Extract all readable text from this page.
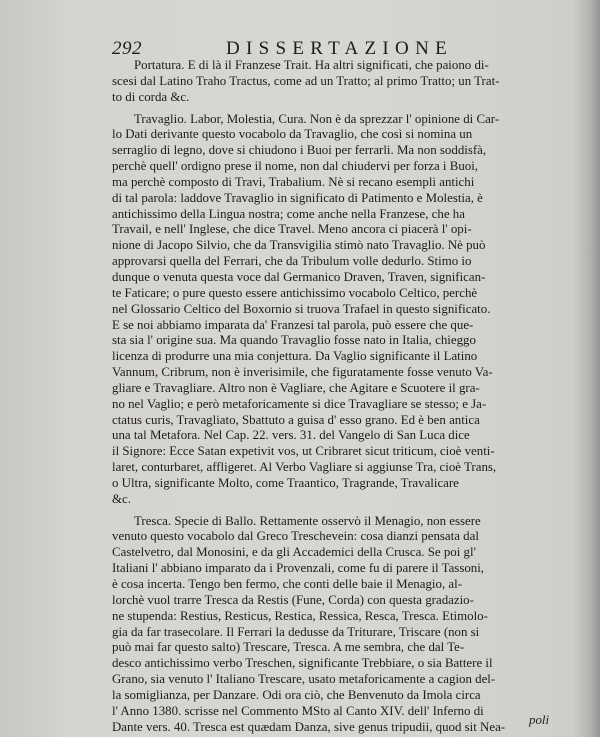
292	DISSERTAZIONE
Portatura. E di là il Franzese Trait. Ha altri significati, che paiono di-
scesi dal Latino Traho Tractus, come ad un Tratto; al primo Tratto; un Trat-
to di corda &c.
Travaglio. Labor, Molestia, Cura. Non è da sprezzar l' opinione di Car-
lo Dati derivante questo vocabolo da Travaglio, che così si nomina un
serraglio di legno, dove si chiudono i Buoi per ferrarli. Ma non soddisfà,
perchè quell' ordigno prese il nome, non dal chiudervi per forza i Buoi,
ma perchè composto di Travi, Trabalium. Nè si recano esempli antichi
di tal parola: laddove Travaglio in significato di Patimento e Molestia, è
antichissimo della Lingua nostra; come anche nella Franzese, che ha
Travail, e nell' Inglese, che dice Travel. Meno ancora ci piacerà l' opi-
nione di Jacopo Silvio, che da Transvigilia stimò nato Travaglio. Nè può
approvarsi quella del Ferrari, che da Tribulum volle dedurlo. Stimo io
dunque o venuta questa voce dal Germanico Draven, Traven, significan-
te Faticare; o pure questo essere antichissimo vocabolo Celtico, perchè
nel Glossario Celtico del Boxornio si truova Trafael in questo significato.
E se noi abbiamo imparata da' Franzesi tal parola, può essere che que-
sta sia l' origine sua. Ma quando Travaglio fosse nato in Italia, chieggo
licenza di produrre una mia conjettura. Da Vaglio significante il Latino
Vannum, Cribrum, non è inverisimile, che figuratamente fosse venuto Va-
gliare e Travagliare. Altro non è Vagliare, che Agitare e Scuotere il gra-
no nel Vaglio; e però metaforicamente si dice Travagliare se stesso; e Ja-
ctatus curis, Travagliato, Sbattuto a guisa d' esso grano. Ed è ben antica
una tal Metafora. Nel Cap. 22. vers. 31. del Vangelo di San Luca dice
il Signore: Ecce Satan expetivit vos, ut Cribraret sicut triticum, cioè venti-
laret, conturbaret, affligeret. Al Verbo Vagliare si aggiunse Tra, cioè Trans,
o Ultra, significante Molto, come Traantico, Tragrande, Travalicare
&c.
Tresca. Specie di Ballo. Rettamente osservò il Menagio, non essere
venuto questo vocabolo dal Greco Treschevein: cosa dianzi pensata dal
Castelvetro, dal Monosini, e da gli Accademici della Crusca. Se poi gl'
Italiani l' abbiano imparato da i Provenzali, come fu di parere il Tassoni,
è cosa incerta. Tengo ben fermo, che conti delle baie il Menagio, al-
lorchè vuol trarre Tresca da Restis (Fune, Corda) con questa gradazio-
ne stupenda: Restius, Resticus, Restica, Ressica, Resca, Tresca. Etimolo-
gia da far trasecolare. Il Ferrari la dedusse da Triturare, Triscare (non si
può mai far questo salto) Trescare, Tresca. A me sembra, che dal Te-
desco antichissimo verbo Treschen, significante Trebbiare, o sia Battere il
Grano, sia venuto l' Italiano Trescare, usato metaforicamente a cagion del-
la somiglianza, per Danzare. Odi ora ciò, che Benvenuto da Imola circa
l' Anno 1380. scrisse nel Commento MSto al Canto XIV. dell' Inferno di
Dante vers. 40. Tresca est quædam Danza, sive genus tripudii, quod sit Nea-	poli
